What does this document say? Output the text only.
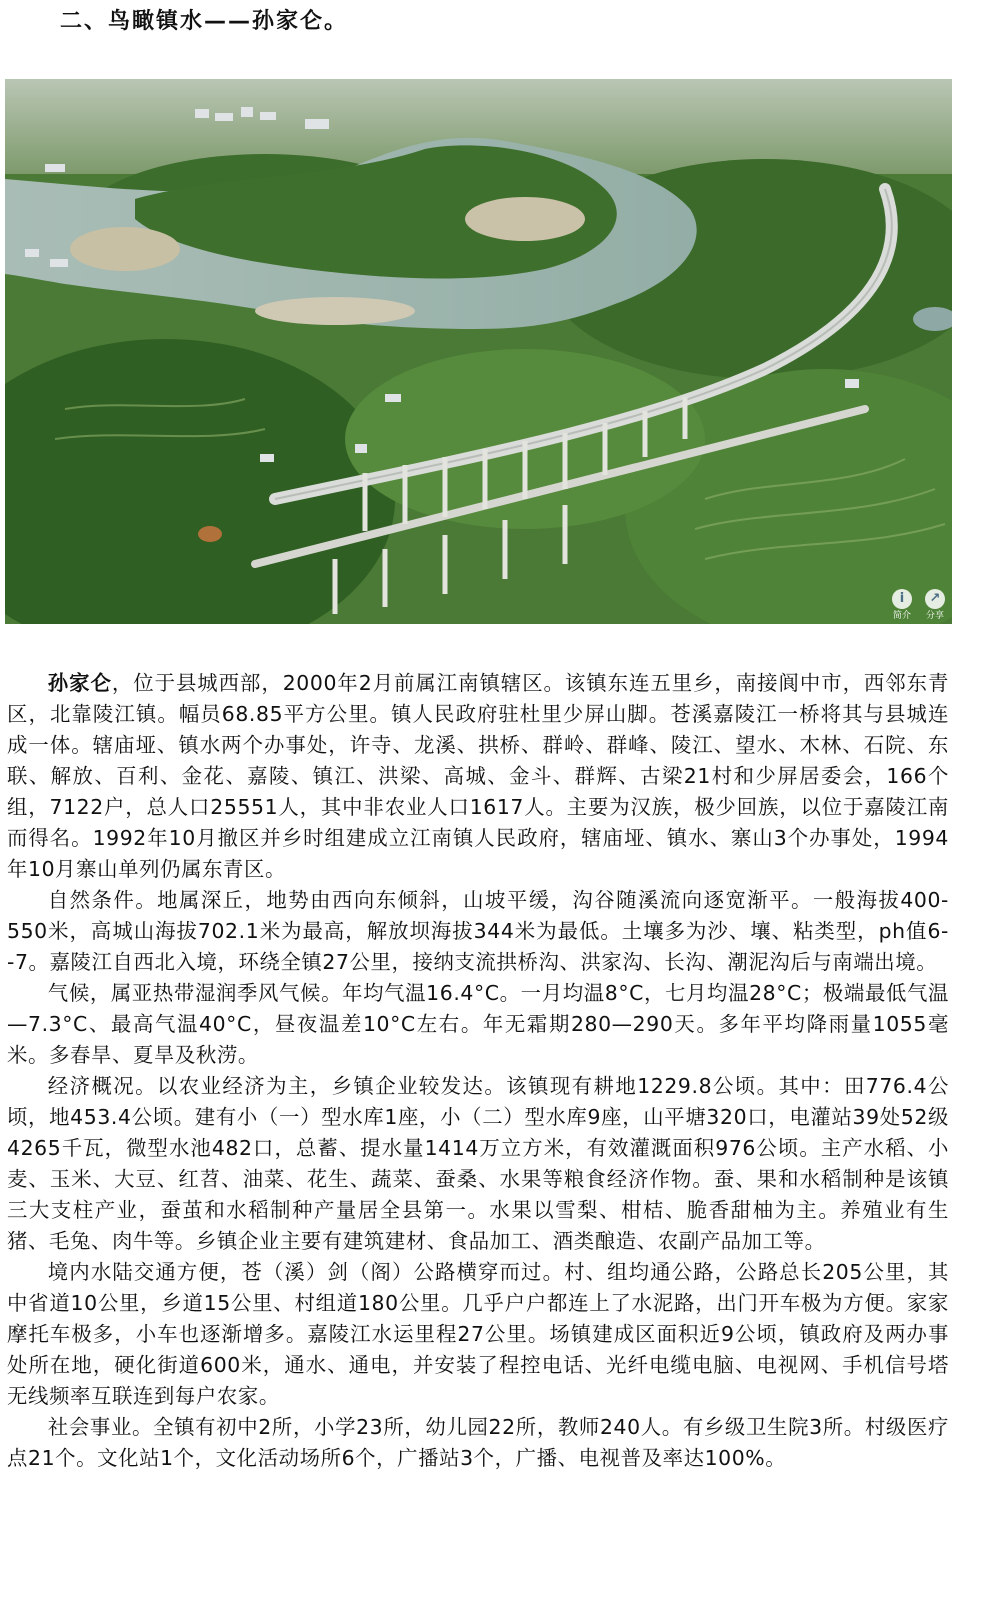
二、鸟瞰镇水——孙家仑。
i
简介
↗
分享

孙家仑，位于县城西部，2000年2月前属江南镇辖区。该镇东连五里乡，南接阆中市，西邻东青区，北靠陵江镇。幅员68.85平方公里。镇人民政府驻杜里少屏山脚。苍溪嘉陵江一桥将其与县城连成一体。辖庙垭、镇水两个办事处，许寺、龙溪、拱桥、群岭、群峰、陵江、望水、木林、石院、东联、解放、百利、金花、嘉陵、镇江、洪梁、高城、金斗、群辉、古梁21村和少屏居委会，166个组，7122户，总人口25551人，其中非农业人口1617人。主要为汉族，极少回族，以位于嘉陵江南而得名。1992年10月撤区并乡时组建成立江南镇人民政府，辖庙垭、镇水、寨山3个办事处，1994年10月寨山单列仍属东青区。

自然条件。地属深丘，地势由西向东倾斜，山坡平缓，沟谷随溪流向逐宽渐平。一般海拔400-550米，高城山海拔702.1米为最高，解放坝海拔344米为最低。土壤多为沙、壤、粘类型，ph值6--7。嘉陵江自西北入境，环绕全镇27公里，接纳支流拱桥沟、洪家沟、长沟、潮泥沟后与南端出境。

气候，属亚热带湿润季风气候。年均气温16.4°C。一月均温8°C，七月均温28°C；极端最低气温—7.3°C、最高气温40°C，昼夜温差10°C左右。年无霜期280—290天。多年平均降雨量1055毫米。多春旱、夏旱及秋涝。

经济概况。以农业经济为主，乡镇企业较发达。该镇现有耕地1229.8公顷。其中：田776.4公顷，地453.4公顷。建有小（一）型水库1座，小（二）型水库9座，山平塘320口，电灌站39处52级4265千瓦，微型水池482口，总蓄、提水量1414万立方米，有效灌溉面积976公顷。主产水稻、小麦、玉米、大豆、红苕、油菜、花生、蔬菜、蚕桑、水果等粮食经济作物。蚕、果和水稻制种是该镇三大支柱产业，蚕茧和水稻制种产量居全县第一。水果以雪梨、柑桔、脆香甜柚为主。养殖业有生猪、毛兔、肉牛等。乡镇企业主要有建筑建材、食品加工、酒类酿造、农副产品加工等。

境内水陆交通方便，苍（溪）剑（阁）公路横穿而过。村、组均通公路，公路总长205公里，其中省道10公里，乡道15公里、村组道180公里。几乎户户都连上了水泥路，出门开车极为方便。家家摩托车极多，小车也逐渐增多。嘉陵江水运里程27公里。场镇建成区面积近9公顷，镇政府及两办事处所在地，硬化街道600米，通水、通电，并安装了程控电话、光纤电缆电脑、电视网、手机信号塔无线频率互联连到每户农家。

社会事业。全镇有初中2所，小学23所，幼儿园22所，教师240人。有乡级卫生院3所。村级医疗点21个。文化站1个，文化活动场所6个，广播站3个，广播、电视普及率达100%。
